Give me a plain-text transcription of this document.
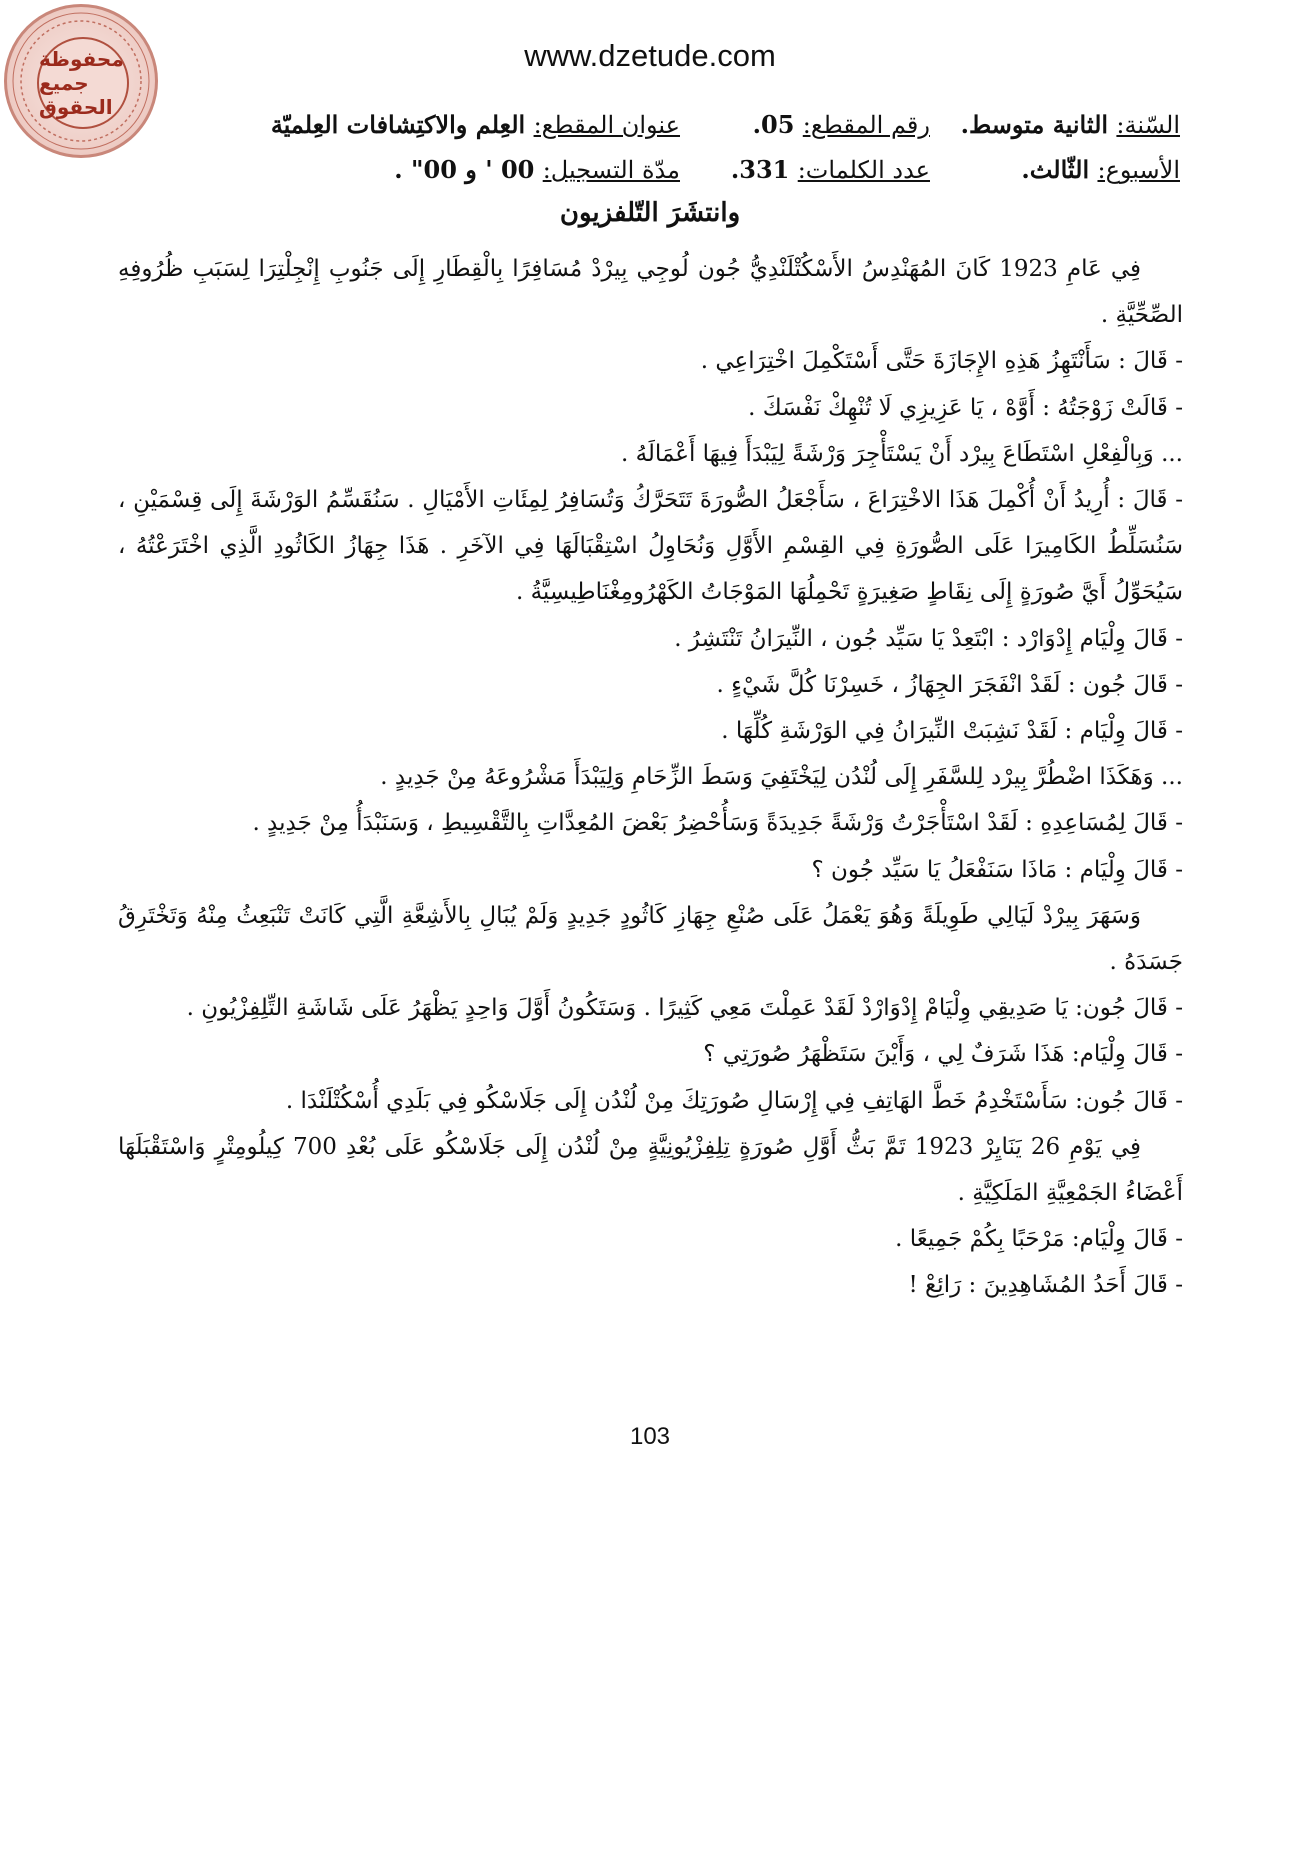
محفوظة جميع الحقوق
www.dzetude.com
السّنة: الثانية متوسط.
رقم المقطع: 05.
عنوان المقطع: العِلم والاكتِشافات العِلميّة
الأسبوع: الثّالث.
عدد الكلمات: 331.
مدّة التسجيل: 00 ' و 00" .
وانتشَرَ التّلفزيون

فِي عَامِ 1923 كَانَ المُهَنْدِسُ الأَسْكُتْلَنْدِيُّ جُون لُوجِي بِيرْدْ مُسَافِرًا بِالْقِطَارِ إِلَى جَنُوبِ إِنْجِلْتِرَا لِسَبَبِ ظُرُوفِهِ الصِّحِّيَّةِ .

- قَالَ : سَأَنْتَهِزُ هَذِهِ الإِجَازَةَ حَتَّى أَسْتَكْمِلَ اخْتِرَاعِي .

- قَالَتْ زَوْجَتُهُ : أَوَّهْ ، يَا عَزِيزِي لَا تُنْهِكْ نَفْسَكَ .

... وَبِالْفِعْلِ اسْتَطَاعَ بِيرْد أَنْ يَسْتَأْجِرَ وَرْشَةً لِيَبْدَأَ فِيهَا أَعْمَالَهُ .

- قَالَ : أُرِيدُ أَنْ أُكْمِلَ هَذَا الاخْتِرَاعَ ، سَأَجْعَلُ الصُّورَةَ تَتَحَرَّكُ وَتُسَافِرُ لِمِئَاتِ الأَمْيَالِ . سَنُقَسِّمُ الوَرْشَةَ إِلَى قِسْمَيْنِ ، سَنُسَلِّطُ الكَامِيرَا عَلَى الصُّورَةِ فِي القِسْمِ الأَوَّلِ وَنُحَاوِلُ اسْتِقْبَالَهَا فِي الآخَرِ . هَذَا جِهَازُ الكَاثُودِ الَّذِي اخْتَرَعْتُهُ ، سَيُحَوِّلُ أَيَّ صُورَةٍ إِلَى نِقَاطٍ صَغِيرَةٍ تَحْمِلُهَا المَوْجَاتُ الكَهْرُومِغْنَاطِيسِيَّةُ .

- قَالَ وِلْيَام إِدْوَارْد : ابْتَعِدْ يَا سَيِّد جُون ، النِّيرَانُ تَنْتَشِرُ .

- قَالَ جُون : لَقَدْ انْفَجَرَ الجِهَازُ ، خَسِرْنَا كُلَّ شَيْءٍ .

- قَالَ وِلْيَام : لَقَدْ نَشِبَتْ النِّيرَانُ فِي الوَرْشَةِ كُلِّهَا .

... وَهَكَذَا اضْطُرَّ بِيرْد لِلسَّفَرِ إِلَى لُنْدُن لِيَخْتَفِيَ وَسَطَ الزِّحَامِ وَلِيَبْدَأَ مَشْرُوعَهُ مِنْ جَدِيدٍ .

- قَالَ لِمُسَاعِدِهِ : لَقَدْ اسْتَأْجَرْتُ وَرْشَةً جَدِيدَةً وَسَأُحْضِرُ بَعْضَ المُعِدَّاتِ بِالتَّقْسِيطِ ، وَسَنَبْدَأُ مِنْ جَدِيدٍ .

- قَالَ وِلْيَام : مَاذَا سَنَفْعَلُ يَا سَيِّد جُون ؟

وَسَهَرَ بِيرْدْ لَيَالِي طَوِيلَةً وَهُوَ يَعْمَلُ عَلَى صُنْعِ جِهَازِ كَاثُودٍ جَدِيدٍ وَلَمْ يُبَالِ بِالأَشِعَّةِ الَّتِي كَانَتْ تَنْبَعِثُ مِنْهُ وَتَخْتَرِقُ جَسَدَهُ .

- قَالَ جُون: يَا صَدِيقِي وِلْيَامْ إِدْوَارْدْ لَقَدْ عَمِلْتَ مَعِي كَثِيرًا . وَسَتَكُونُ أَوَّلَ وَاحِدٍ يَظْهَرُ عَلَى شَاشَةِ التِّلِفِزْيُونِ .

- قَالَ وِلْيَام: هَذَا شَرَفٌ لِي ، وَأَيْنَ سَتَظْهَرُ صُورَتِي ؟

- قَالَ جُون: سَأَسْتَخْدِمُ خَطَّ الهَاتِفِ فِي إِرْسَالِ صُورَتِكَ مِنْ لُنْدُن إِلَى جَلَاسْكُو فِي بَلَدِي أُسْكُتْلَنْدَا .

فِي يَوْمِ 26 يَنَايِرْ 1923 تَمَّ بَثُّ أَوَّلِ صُورَةٍ تِلِفِزْيُونِيَّةٍ مِنْ لُنْدُن إِلَى جَلَاسْكُو عَلَى بُعْدِ 700 كِيلُومِتْرٍ وَاسْتَقْبَلَهَا أَعْضَاءُ الجَمْعِيَّةِ المَلَكِيَّةِ .

- قَالَ وِلْيَام: مَرْحَبًا بِكُمْ جَمِيعًا .

- قَالَ أَحَدُ المُشَاهِدِينَ : رَائِعْ !

103
